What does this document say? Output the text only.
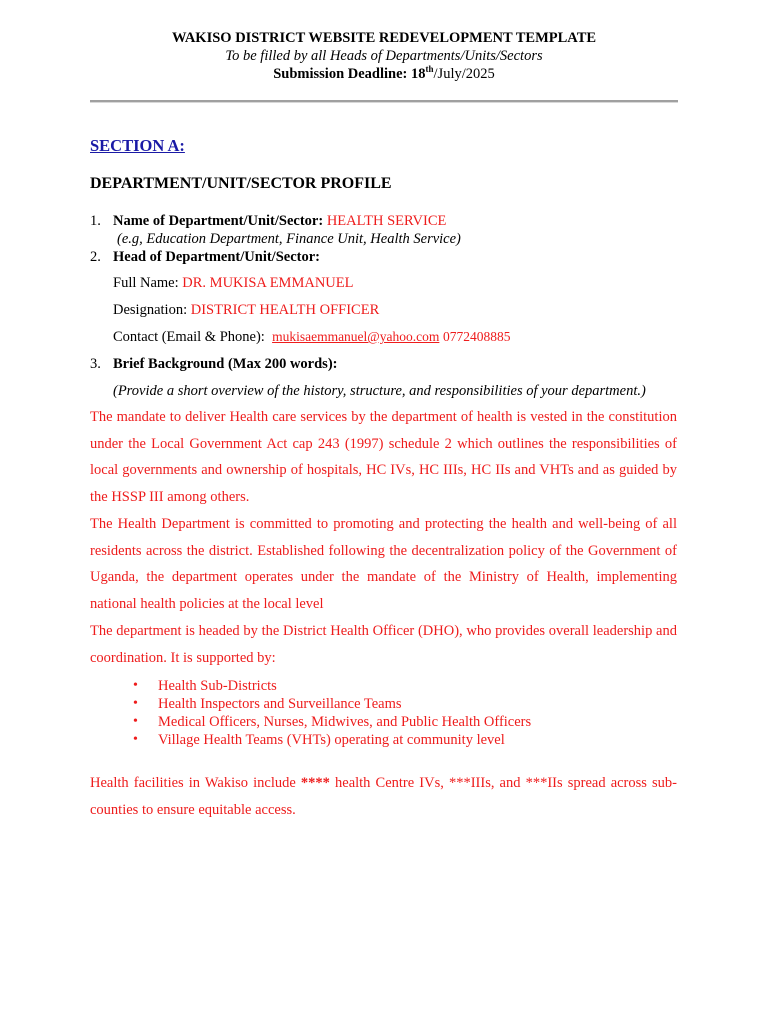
WAKISO DISTRICT WEBSITE REDEVELOPMENT TEMPLATE
To be filled by all Heads of Departments/Units/Sectors
Submission Deadline: 18th/July/2025
SECTION A:
DEPARTMENT/UNIT/SECTOR PROFILE
1. Name of Department/Unit/Sector: HEALTH SERVICE
(e.g, Education Department, Finance Unit, Health Service)
2. Head of Department/Unit/Sector:
Full Name: DR. MUKISA EMMANUEL
Designation: DISTRICT HEALTH OFFICER
Contact (Email & Phone): mukisaemmanuel@yahoo.com 0772408885
3. Brief Background (Max 200 words):
(Provide a short overview of the history, structure, and responsibilities of your department.)
The mandate to deliver Health care services by the department of health is vested in the constitution under the Local Government Act cap 243 (1997) schedule 2 which outlines the responsibilities of local governments and ownership of hospitals, HC IVs, HC IIIs, HC IIs and VHTs and as guided by the HSSP III among others.
The Health Department is committed to promoting and protecting the health and well-being of all residents across the district. Established following the decentralization policy of the Government of Uganda, the department operates under the mandate of the Ministry of Health, implementing national health policies at the local level
The department is headed by the District Health Officer (DHO), who provides overall leadership and coordination. It is supported by:
• Health Sub-Districts
• Health Inspectors and Surveillance Teams
• Medical Officers, Nurses, Midwives, and Public Health Officers
• Village Health Teams (VHTs) operating at community level
Health facilities in Wakiso include **** health Centre IVs, ***IIIs, and ***IIs spread across sub-counties to ensure equitable access.
